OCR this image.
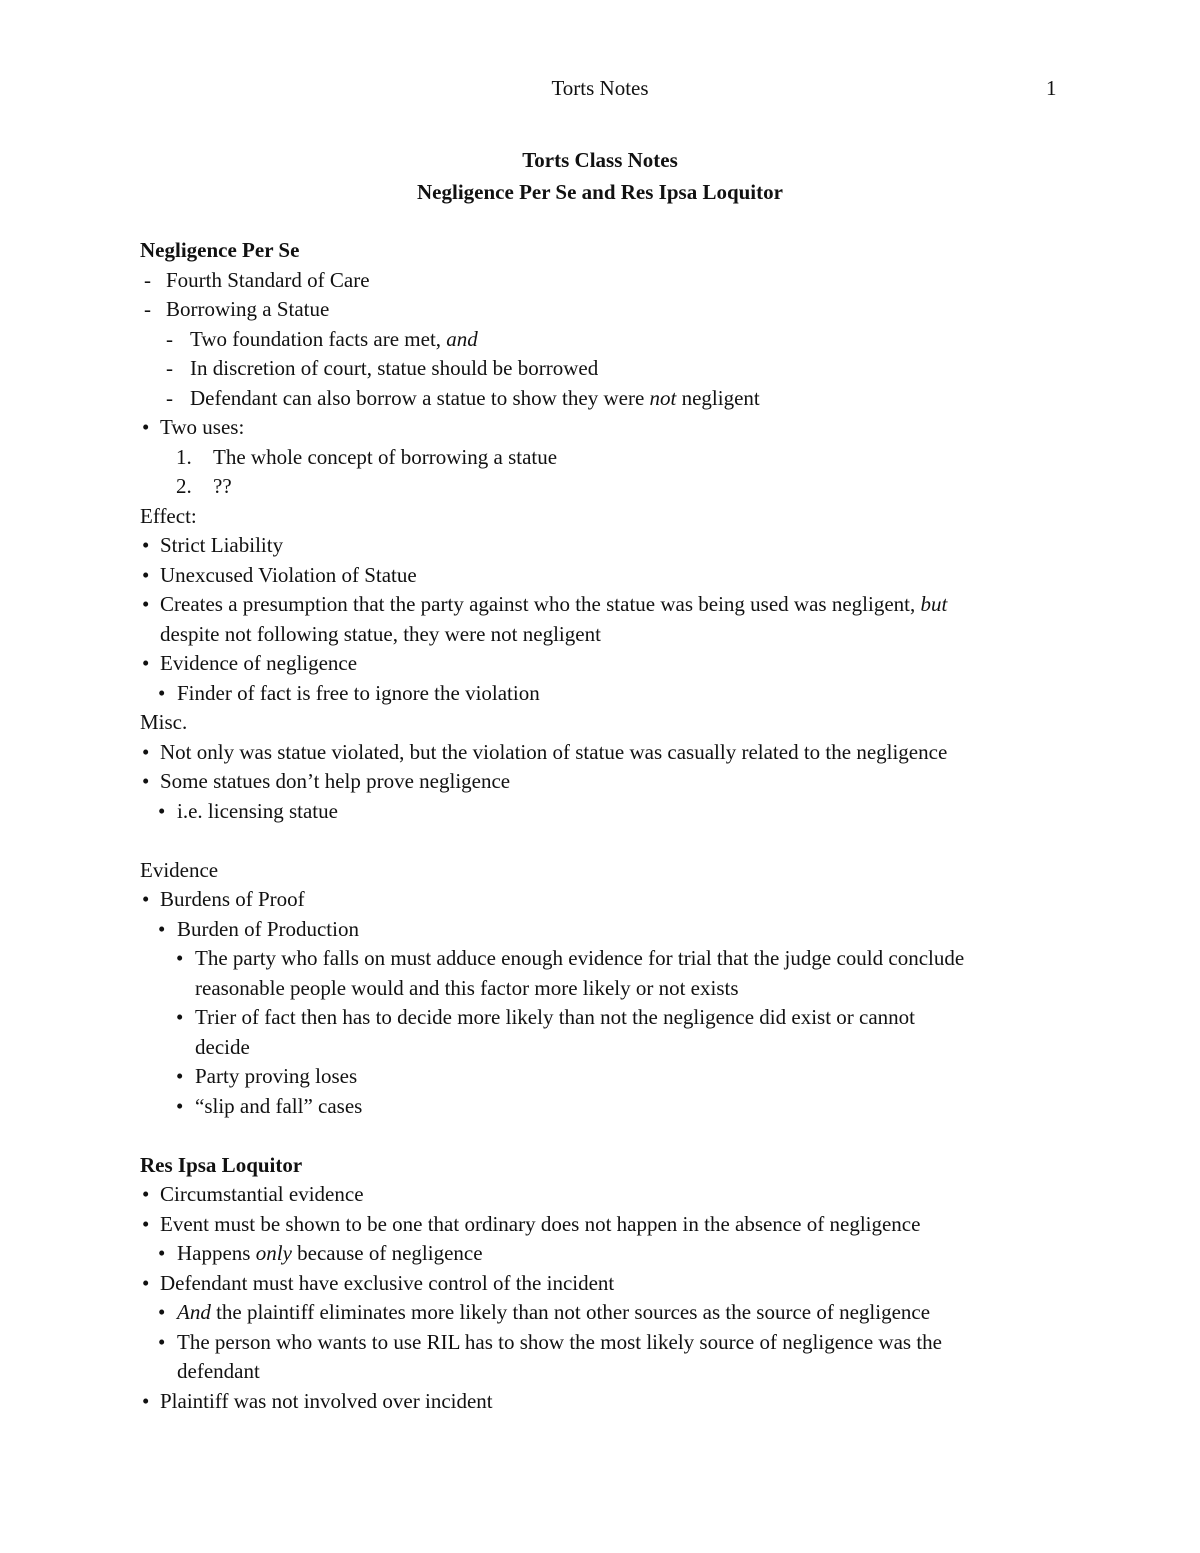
Torts Notes	1
Torts Class Notes
Negligence Per Se and Res Ipsa Loquitor
Negligence Per Se
- Fourth Standard of Care
- Borrowing a Statue
- Two foundation facts are met, and
- In discretion of court, statue should be borrowed
- Defendant can also borrow a statue to show they were not negligent
• Two uses:
1. The whole concept of borrowing a statue
2. ??
Effect:
• Strict Liability
• Unexcused Violation of Statue
• Creates a presumption that the party against who the statue was being used was negligent, but
despite not following statue, they were not negligent
• Evidence of negligence
• Finder of fact is free to ignore the violation
Misc.
• Not only was statue violated, but the violation of statue was casually related to the negligence
• Some statues don’t help prove negligence
• i.e. licensing statue
Evidence
• Burdens of Proof
• Burden of Production
• The party who falls on must adduce enough evidence for trial that the judge could conclude
reasonable people would and this factor more likely or not exists
• Trier of fact then has to decide more likely than not the negligence did exist or cannot
decide
• Party proving loses
• “slip and fall” cases
Res Ipsa Loquitor
• Circumstantial evidence
• Event must be shown to be one that ordinary does not happen in the absence of negligence
• Happens only because of negligence
• Defendant must have exclusive control of the incident
• And the plaintiff eliminates more likely than not other sources as the source of negligence
• The person who wants to use RIL has to show the most likely source of negligence was the
defendant
• Plaintiff was not involved over incident
